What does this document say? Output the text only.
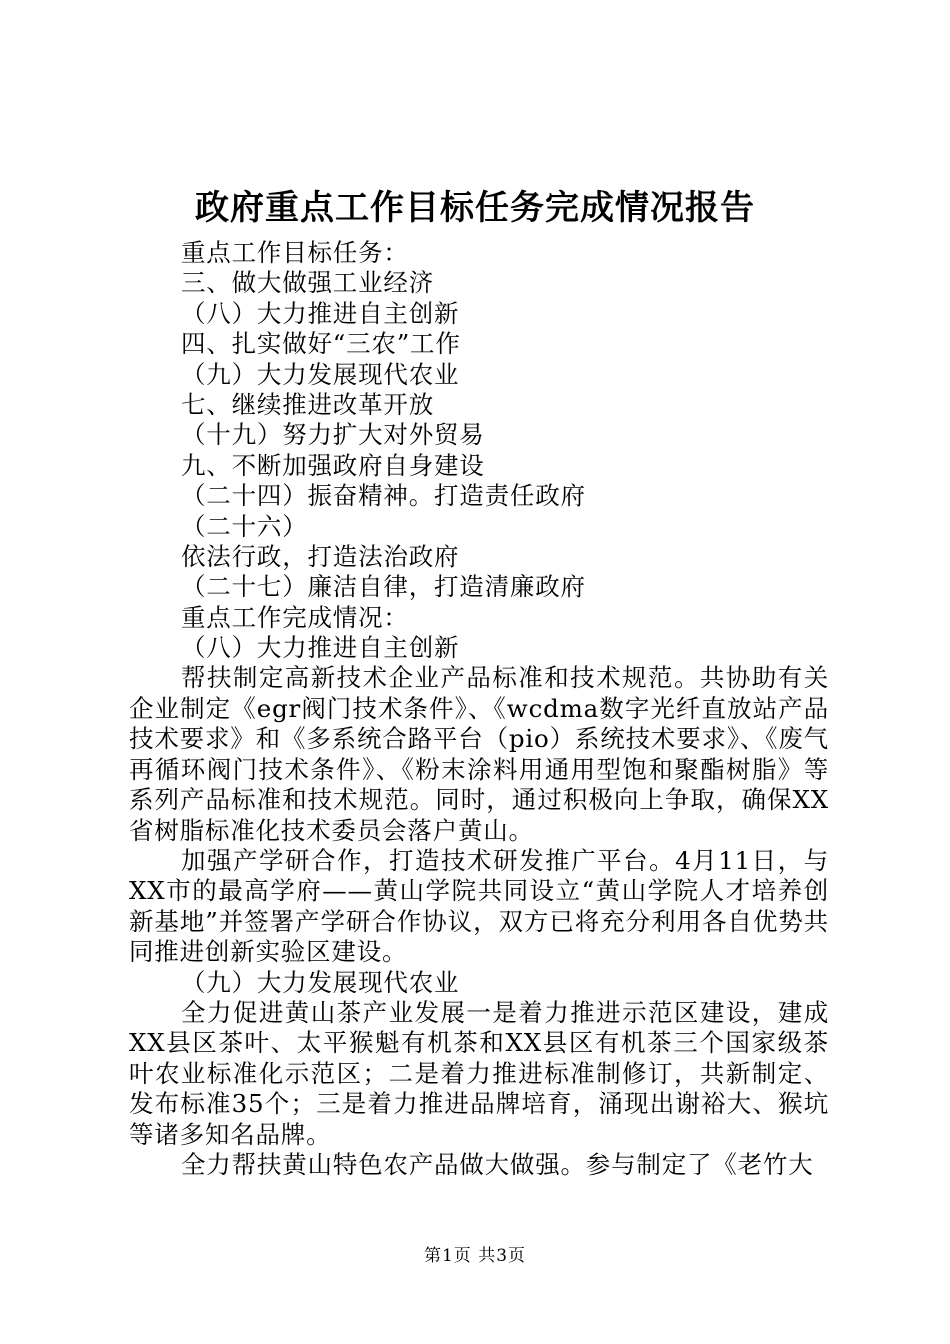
政府重点工作目标任务完成情况报告

重点工作目标任务：

三、做大做强工业经济

（八）大力推进自主创新

四、扎实做好“三农”工作

（九）大力发展现代农业

七、继续推进改革开放

（十九）努力扩大对外贸易

九、不断加强政府自身建设

（二十四）振奋精神。打造责任政府

（二十六）

依法行政，打造法治政府

（二十七）廉洁自律，打造清廉政府

重点工作完成情况：

（八）大力推进自主创新

帮扶制定高新技术企业产品标准和技术规范。共协助有关企业制定《egr阀门技术条件》、《wcdma数字光纤直放站产品技术要求》和《多系统合路平台（pio）系统技术要求》、《废气再循环阀门技术条件》、《粉末涂料用通用型饱和聚酯树脂》等系列产品标准和技术规范。同时，通过积极向上争取，确保XX省树脂标准化技术委员会落户黄山。

加强产学研合作，打造技术研发推广平台。4月11日，与XX市的最高学府——黄山学院共同设立“黄山学院人才培养创新基地”并签署产学研合作协议，双方已将充分利用各自优势共同推进创新实验区建设。

（九）大力发展现代农业

全力促进黄山茶产业发展一是着力推进示范区建设，建成XX县区茶叶、太平猴魁有机茶和XX县区有机茶三个国家级茶叶农业标准化示范区；二是着力推进标准制修订，共新制定、发布标准35个；三是着力推进品牌培育，涌现出谢裕大、猴坑等诸多知名品牌。

全力帮扶黄山特色农产品做大做强。参与制定了《老竹大

第1页 共3页
